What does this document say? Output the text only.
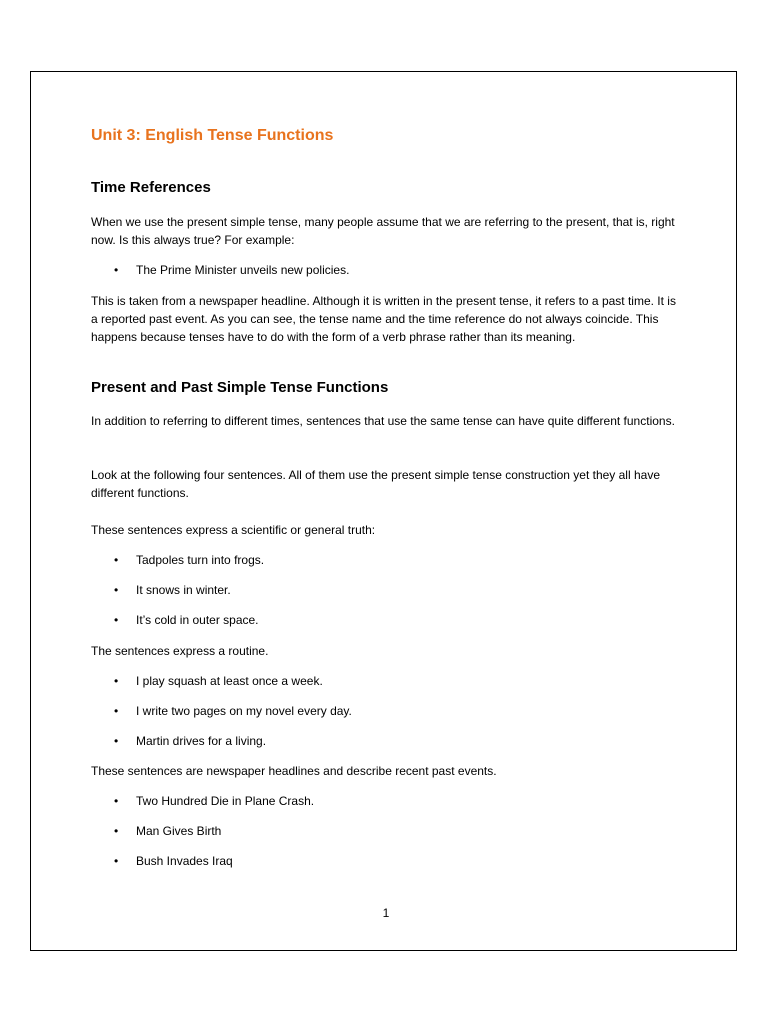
Unit 3: English Tense Functions
Time References

When we use the present simple tense, many people assume that we are referring to the present, that is, right now. Is this always true? For example:

• The Prime Minister unveils new policies.

This is taken from a newspaper headline. Although it is written in the present tense, it refers to a past time. It is a reported past event. As you can see, the tense name and the time reference do not always coincide. This happens because tenses have to do with the form of a verb phrase rather than its meaning.

Present and Past Simple Tense Functions

In addition to referring to different times, sentences that use the same tense can have quite different functions.

Look at the following four sentences. All of them use the present simple tense construction yet they all have different functions.

These sentences express a scientific or general truth:

• Tadpoles turn into frogs.
• It snows in winter.
• It’s cold in outer space.

The sentences express a routine.

• I play squash at least once a week.
• I write two pages on my novel every day.
• Martin drives for a living.

These sentences are newspaper headlines and describe recent past events.

• Two Hundred Die in Plane Crash.
• Man Gives Birth
• Bush Invades Iraq
1
